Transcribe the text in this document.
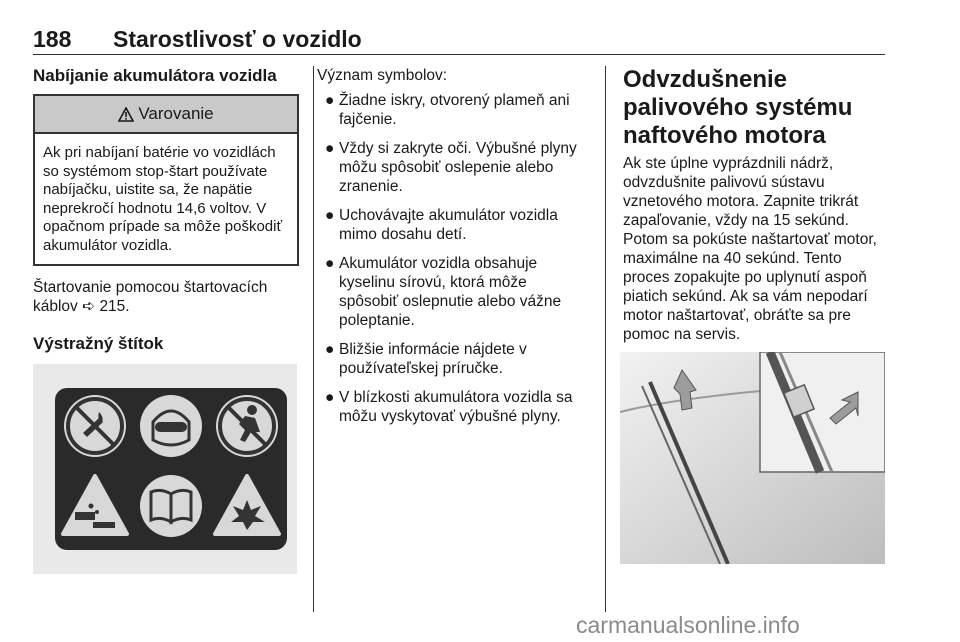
188 Starostlivosť o vozidlo
Nabíjanie akumulátora vozidla
Varovanie
Ak pri nabíjaní batérie vo vozidlách so systémom stop-štart používate nabíjačku, uistite sa, že napätie neprekročí hodnotu 14,6 voltov. V opačnom prípade sa môže poškodiť akumulátor vozidla.
Štartovanie pomocou štartovacích káblov ➪ 215.
Výstražný štítok
Význam symbolov:
● Žiadne iskry, otvorený plameň ani fajčenie.
● Vždy si zakryte oči. Výbušné plyny môžu spôsobiť oslepenie alebo zranenie.
● Uchovávajte akumulátor vozidla mimo dosahu detí.
● Akumulátor vozidla obsahuje kyselinu sírovú, ktorá môže spôsobiť oslepnutie alebo vážne poleptanie.
● Bližšie informácie nájdete v používateľskej príručke.
● V blízkosti akumulátora vozidla sa môžu vyskytovať výbušné plyny.
Odvzdušnenie palivového systému naftového motora
Ak ste úplne vyprázdnili nádrž, odvzdušnite palivovú sústavu vznetového motora. Zapnite trikrát zapaľovanie, vždy na 15 sekúnd. Potom sa pokúste naštartovať motor, maximálne na 40 sekúnd. Tento proces zopakujte po uplynutí aspoň piatich sekúnd. Ak sa vám nepodarí motor naštartovať, obráťte sa pre pomoc na servis.
carmanualsonline.info
